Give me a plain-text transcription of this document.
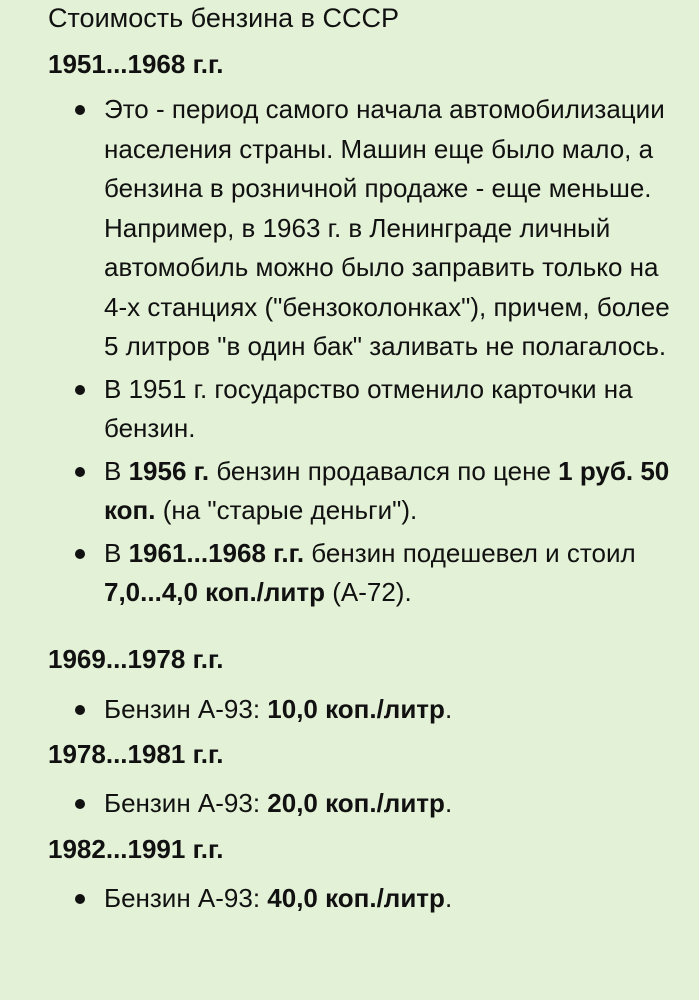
Стоимость бензина в СССР
1951...1968 г.г.
Это - период самого начала автомобилизации населения страны. Машин еще было мало, а бензина в розничной продаже - еще меньше. Например, в 1963 г. в Ленинграде личный автомобиль можно было заправить только на 4-х станциях ("бензоколонках"), причем, более 5 литров "в один бак" заливать не полагалось.
В 1951 г. государство отменило карточки на бензин.
В 1956 г. бензин продавался по цене 1 руб. 50 коп. (на "старые деньги").
В 1961...1968 г.г. бензин подешевел и стоил 7,0...4,0 коп./литр (А-72).
1969...1978 г.г.
Бензин А-93: 10,0 коп./литр.
1978...1981 г.г.
Бензин А-93: 20,0 коп./литр.
1982...1991 г.г.
Бензин А-93: 40,0 коп./литр.
